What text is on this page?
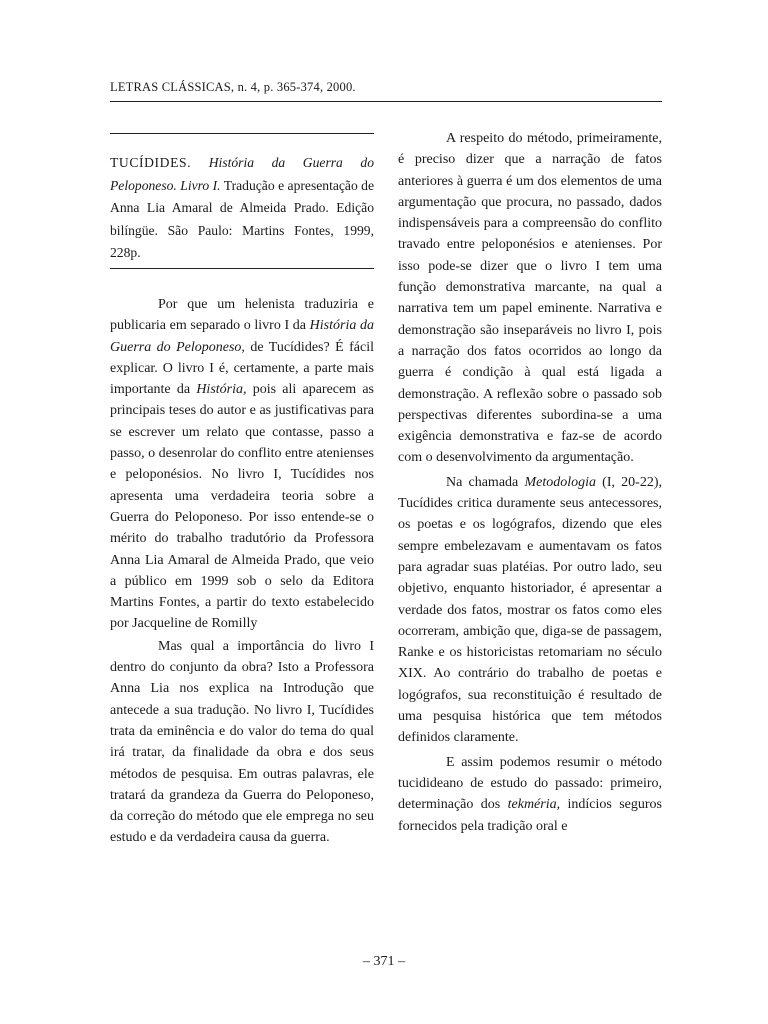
LETRAS CLÁSSICAS, n. 4, p. 365-374, 2000.
TUCÍDIDES. História da Guerra do Peloponeso. Livro I. Tradução e apresentação de Anna Lia Amaral de Almeida Prado. Edição bilíngüe. São Paulo: Martins Fontes, 1999, 228p.

Por que um helenista traduziria e publicaria em separado o livro I da História da Guerra do Peloponeso, de Tucídides? É fácil explicar. O livro I é, certamente, a parte mais importante da História, pois ali aparecem as principais teses do autor e as justificativas para se escrever um relato que contasse, passo a passo, o desenrolar do conflito entre atenienses e peloponésios. No livro I, Tucídides nos apresenta uma verdadeira teoria sobre a Guerra do Peloponeso. Por isso entende-se o mérito do trabalho tradutório da Professora Anna Lia Amaral de Almeida Prado, que veio a público em 1999 sob o selo da Editora Martins Fontes, a partir do texto estabelecido por Jacqueline de Romilly

Mas qual a importância do livro I dentro do conjunto da obra? Isto a Professora Anna Lia nos explica na Introdução que antecede a sua tradução. No livro I, Tucídides trata da eminência e do valor do tema do qual irá tratar, da finalidade da obra e dos seus métodos de pesquisa. Em outras palavras, ele tratará da grandeza da Guerra do Peloponeso, da correção do método que ele emprega no seu estudo e da verdadeira causa da guerra.

A respeito do método, primeiramente, é preciso dizer que a narração de fatos anteriores à guerra é um dos elementos de uma argumentação que procura, no passado, dados indispensáveis para a compreensão do conflito travado entre peloponésios e atenienses. Por isso pode-se dizer que o livro I tem uma função demonstrativa marcante, na qual a narrativa tem um papel eminente. Narrativa e demonstração são inseparáveis no livro I, pois a narração dos fatos ocorridos ao longo da guerra é condição à qual está ligada a demonstração. A reflexão sobre o passado sob perspectivas diferentes subordina-se a uma exigência demonstrativa e faz-se de acordo com o desenvolvimento da argumentação.

Na chamada Metodologia (I, 20-22), Tucídides critica duramente seus antecessores, os poetas e os logógrafos, dizendo que eles sempre embelezavam e aumentavam os fatos para agradar suas platéias. Por outro lado, seu objetivo, enquanto historiador, é apresentar a verdade dos fatos, mostrar os fatos como eles ocorreram, ambição que, diga-se de passagem, Ranke e os historicistas retomariam no século XIX. Ao contrário do trabalho de poetas e logógrafos, sua reconstituição é resultado de uma pesquisa histórica que tem métodos definidos claramente.

E assim podemos resumir o método tucidideano de estudo do passado: primeiro, determinação dos tekméria, indícios seguros fornecidos pela tradição oral e

– 371 –
